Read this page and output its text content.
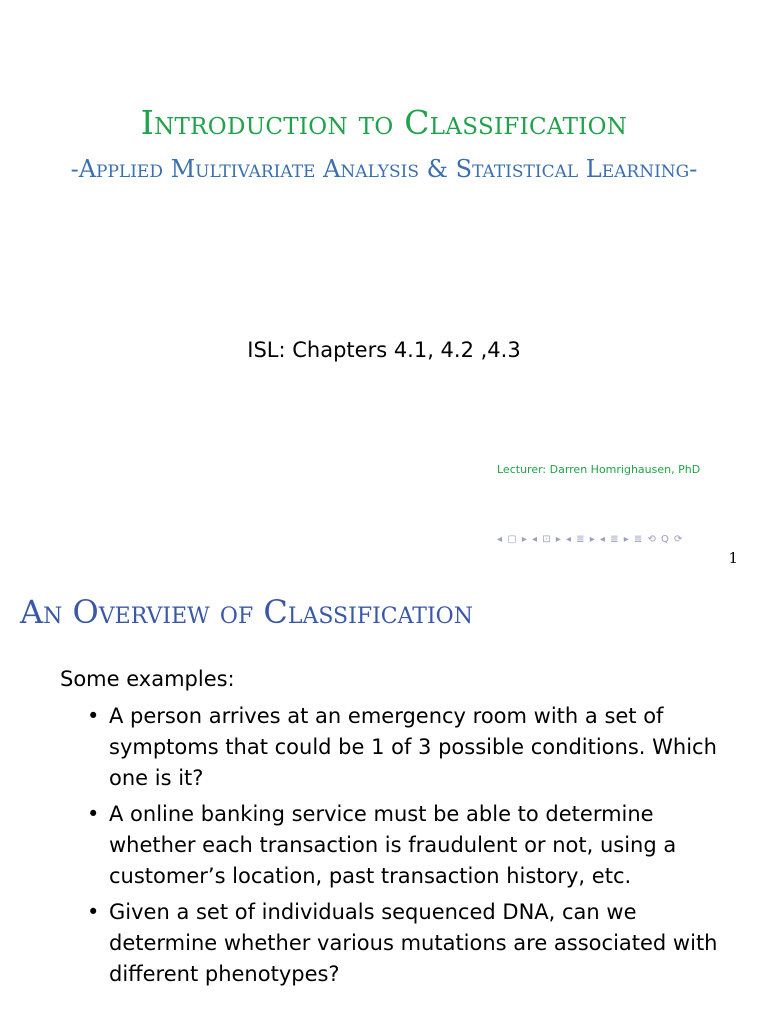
Introduction to Classification
-Applied Multivariate Analysis & Statistical Learning-
ISL: Chapters 4.1, 4.2 ,4.3
Lecturer: Darren Homrighausen, PhD
◂ ▢ ▸ ◂ ⊡ ▸ ◂ ≣ ▸ ◂ ≣ ▸ ≣ ⟲ Q ⟳
1
An Overview of Classification
Some examples:
• A person arrives at an emergency room with a set of symptoms that could be 1 of 3 possible conditions. Which one is it?
• A online banking service must be able to determine whether each transaction is fraudulent or not, using a customer’s location, past transaction history, etc.
• Given a set of individuals sequenced DNA, can we determine whether various mutations are associated with different phenotypes?
